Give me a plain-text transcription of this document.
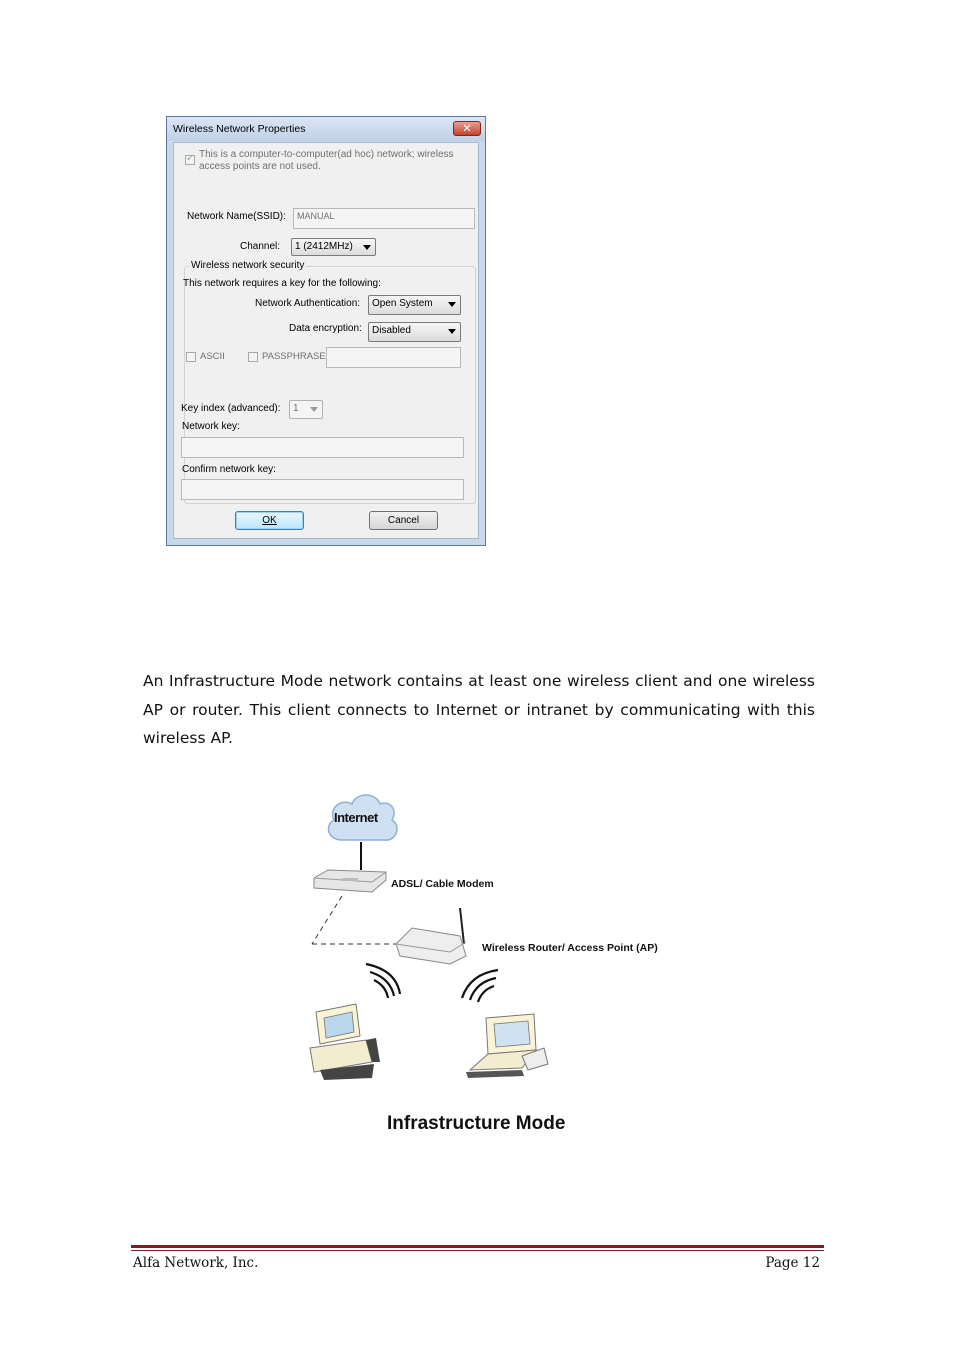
Wireless Network Properties	✕
✓ This is a computer-to-computer(ad hoc) network; wireless
access points are not used.
Network Name(SSID): MANUAL
Channel: 1 (2412MHz)
Wireless network security
This network requires a key for the following:
Network Authentication: Open System
Data encryption: Disabled
ASCII	PASSPHRASE
Key index (advanced): 1
Network key:
Confirm network key:
OK	Cancel

An Infrastructure Mode network contains at least one wireless client and one wireless AP or router. This client connects to Internet or intranet by communicating with this wireless AP.

Internet
ADSL/ Cable Modem
Wireless Router/ Access Point (AP)
Infrastructure Mode
Alfa Network, Inc.	Page 12
